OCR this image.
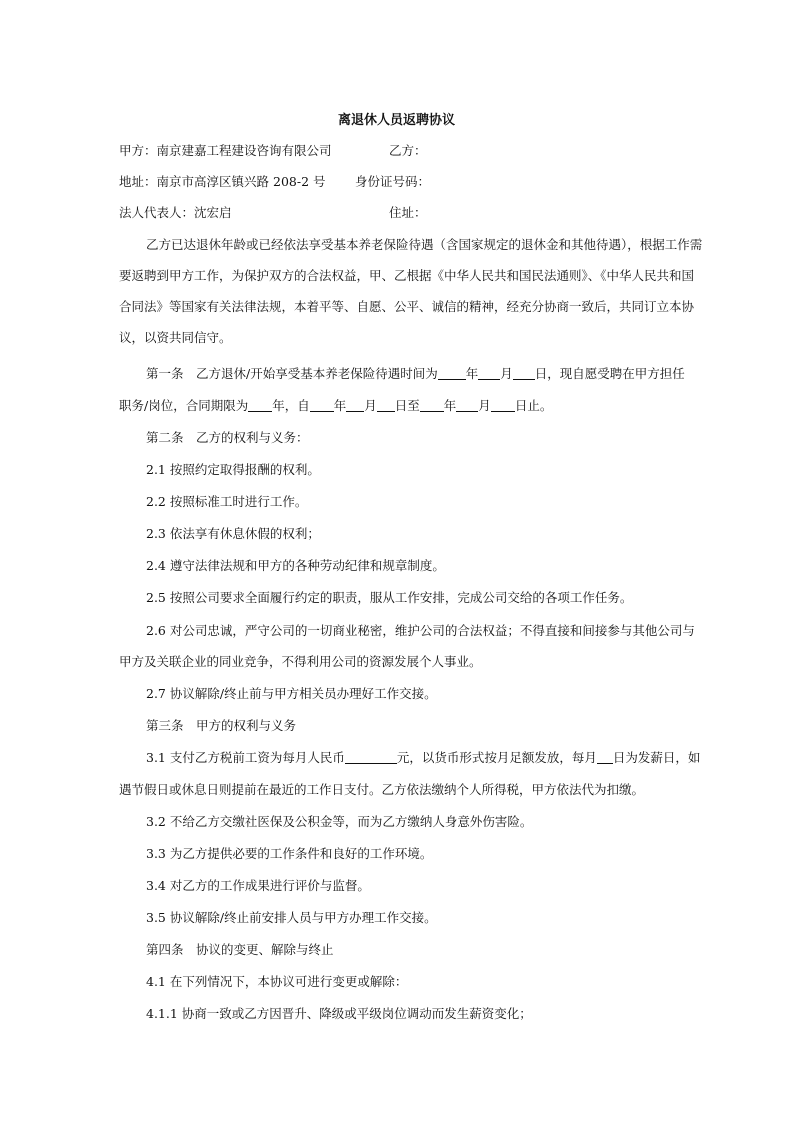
离退休人员返聘协议
甲方：南京建嘉工程建设咨询有限公司	乙方：
地址：南京市高淳区镇兴路 208-2 号	身份证号码：
法人代表人：沈宏启	住址：
乙方已达退休年龄或已经依法享受基本养老保险待遇（含国家规定的退休金和其他待遇），根据工作需
要返聘到甲方工作，为保护双方的合法权益，甲、乙根据《中华人民共和国民法通则》、《中华人民共和国
合同法》等国家有关法律法规，本着平等、自愿、公平、诚信的精神，经充分协商一致后，共同订立本协
议，以资共同信守。
第一条　乙方退休/开始享受基本养老保险待遇时间为 年 月 日，现自愿受聘在甲方担任
职务/岗位，合同期限为 年，自 年 月 日至 年 月 日止。
第二条　乙方的权利与义务：
2.1 按照约定取得报酬的权利。
2.2 按照标准工时进行工作。
2.3 依法享有休息休假的权利；
2.4 遵守法律法规和甲方的各种劳动纪律和规章制度。
2.5 按照公司要求全面履行约定的职责，服从工作安排，完成公司交给的各项工作任务。
2.6 对公司忠诚，严守公司的一切商业秘密，维护公司的合法权益；不得直接和间接参与其他公司与
甲方及关联企业的同业竞争，不得利用公司的资源发展个人事业。
2.7 协议解除/终止前与甲方相关员办理好工作交接。
第三条　甲方的权利与义务
3.1 支付乙方税前工资为每月人民币	元，以货币形式按月足额发放，每月 日为发薪日，如
遇节假日或休息日则提前在最近的工作日支付。乙方依法缴纳个人所得税，甲方依法代为扣缴。
3.2 不给乙方交缴社医保及公积金等，而为乙方缴纳人身意外伤害险。
3.3 为乙方提供必要的工作条件和良好的工作环境。
3.4 对乙方的工作成果进行评价与监督。
3.5 协议解除/终止前安排人员与甲方办理工作交接。
第四条　协议的变更、解除与终止
4.1 在下列情况下，本协议可进行变更或解除：
4.1.1 协商一致或乙方因晋升、降级或平级岗位调动而发生薪资变化；
